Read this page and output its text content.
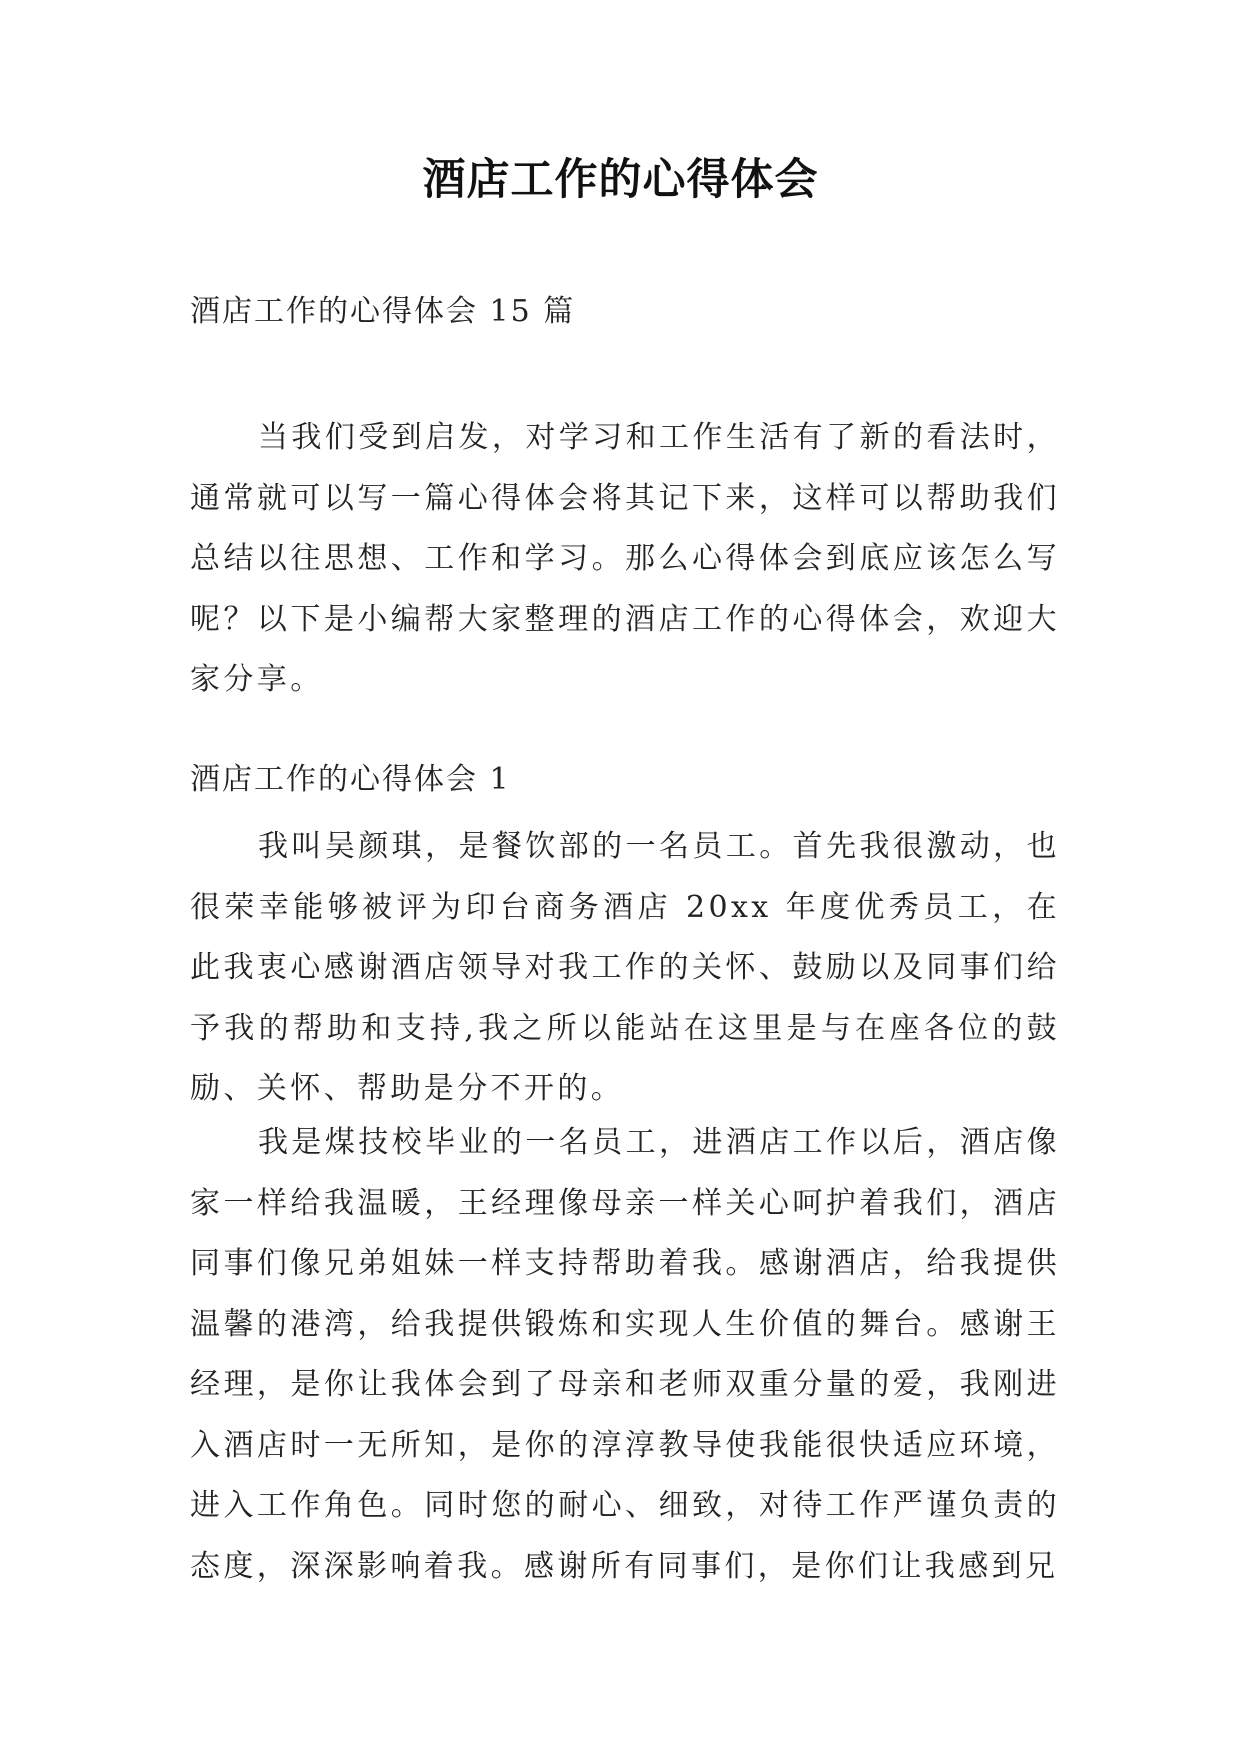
酒店工作的心得体会
酒店工作的心得体会 15 篇

当我们受到启发，对学习和工作生活有了新的看法时，通常就可以写一篇心得体会将其记下来，这样可以帮助我们总结以往思想、工作和学习。那么心得体会到底应该怎么写呢？以下是小编帮大家整理的酒店工作的心得体会，欢迎大家分享。

酒店工作的心得体会 1

我叫吴颜琪，是餐饮部的一名员工。首先我很激动，也很荣幸能够被评为印台商务酒店 20xx 年度优秀员工，在此我衷心感谢酒店领导对我工作的关怀、鼓励以及同事们给予我的帮助和支持,我之所以能站在这里是与在座各位的鼓励、关怀、帮助是分不开的。

我是煤技校毕业的一名员工，进酒店工作以后，酒店像家一样给我温暖，王经理像母亲一样关心呵护着我们，酒店同事们像兄弟姐妹一样支持帮助着我。感谢酒店，给我提供温馨的港湾，给我提供锻炼和实现人生价值的舞台。感谢王经理，是你让我体会到了母亲和老师双重分量的爱，我刚进入酒店时一无所知，是你的淳淳教导使我能很快适应环境，进入工作角色。同时您的耐心、细致，对待工作严谨负责的态度，深深影响着我。感谢所有同事们，是你们让我感到兄
